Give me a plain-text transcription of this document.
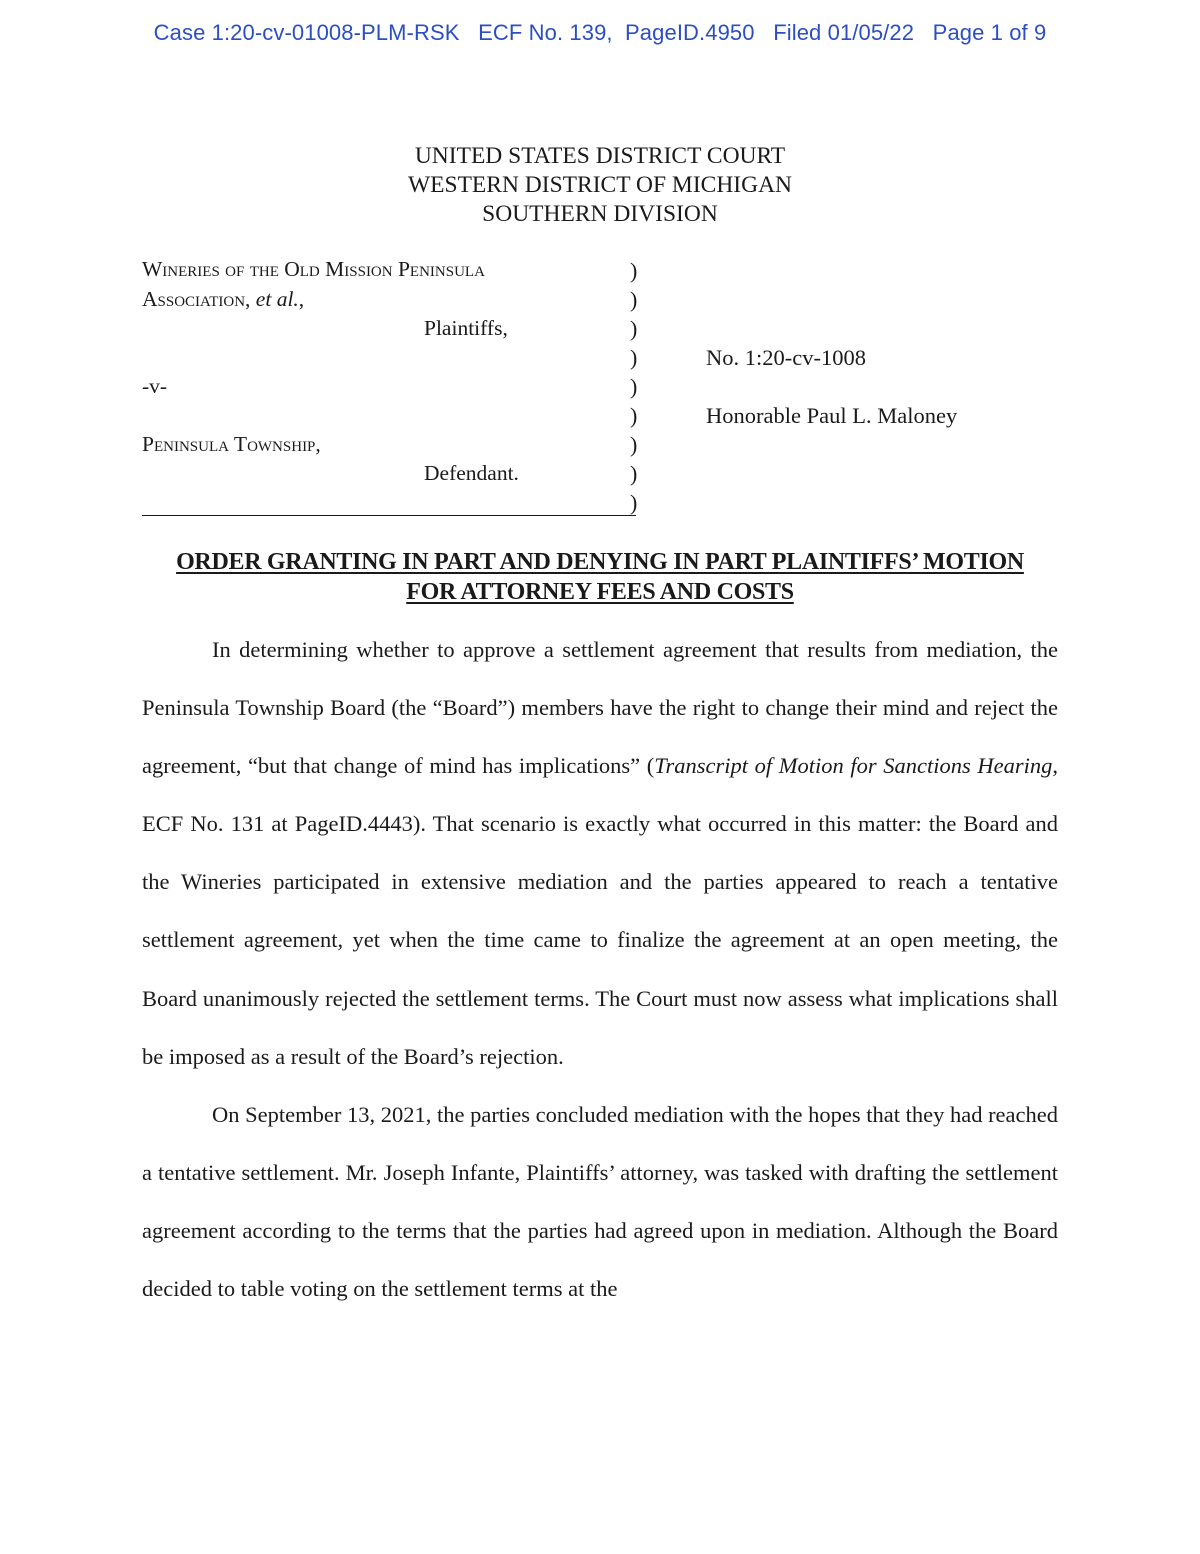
Case 1:20-cv-01008-PLM-RSK   ECF No. 139,  PageID.4950   Filed 01/05/22   Page 1 of 9
UNITED STATES DISTRICT COURT
WESTERN DISTRICT OF MICHIGAN
SOUTHERN DIVISION
Wineries of the Old Mission Peninsula
Association, et al.,
Plaintiffs,
-v-
Peninsula Township,
Defendant.
)
)
)
)
)
)
)
)
)
No. 1:20-cv-1008
Honorable Paul L. Maloney
ORDER GRANTING IN PART AND DENYING IN PART PLAINTIFFS’ MOTION
FOR ATTORNEY FEES AND COSTS

In determining whether to approve a settlement agreement that results from mediation, the Peninsula Township Board (the “Board”) members have the right to change their mind and reject the agreement, “but that change of mind has implications” (Transcript of Motion for Sanctions Hearing, ECF No. 131 at PageID.4443). That scenario is exactly what occurred in this matter: the Board and the Wineries participated in extensive mediation and the parties appeared to reach a tentative settlement agreement, yet when the time came to finalize the agreement at an open meeting, the Board unanimously rejected the settlement terms. The Court must now assess what implications shall be imposed as a result of the Board’s rejection.

On September 13, 2021, the parties concluded mediation with the hopes that they had reached a tentative settlement. Mr. Joseph Infante, Plaintiffs’ attorney, was tasked with drafting the settlement agreement according to the terms that the parties had agreed upon in mediation. Although the Board decided to table voting on the settlement terms at the
